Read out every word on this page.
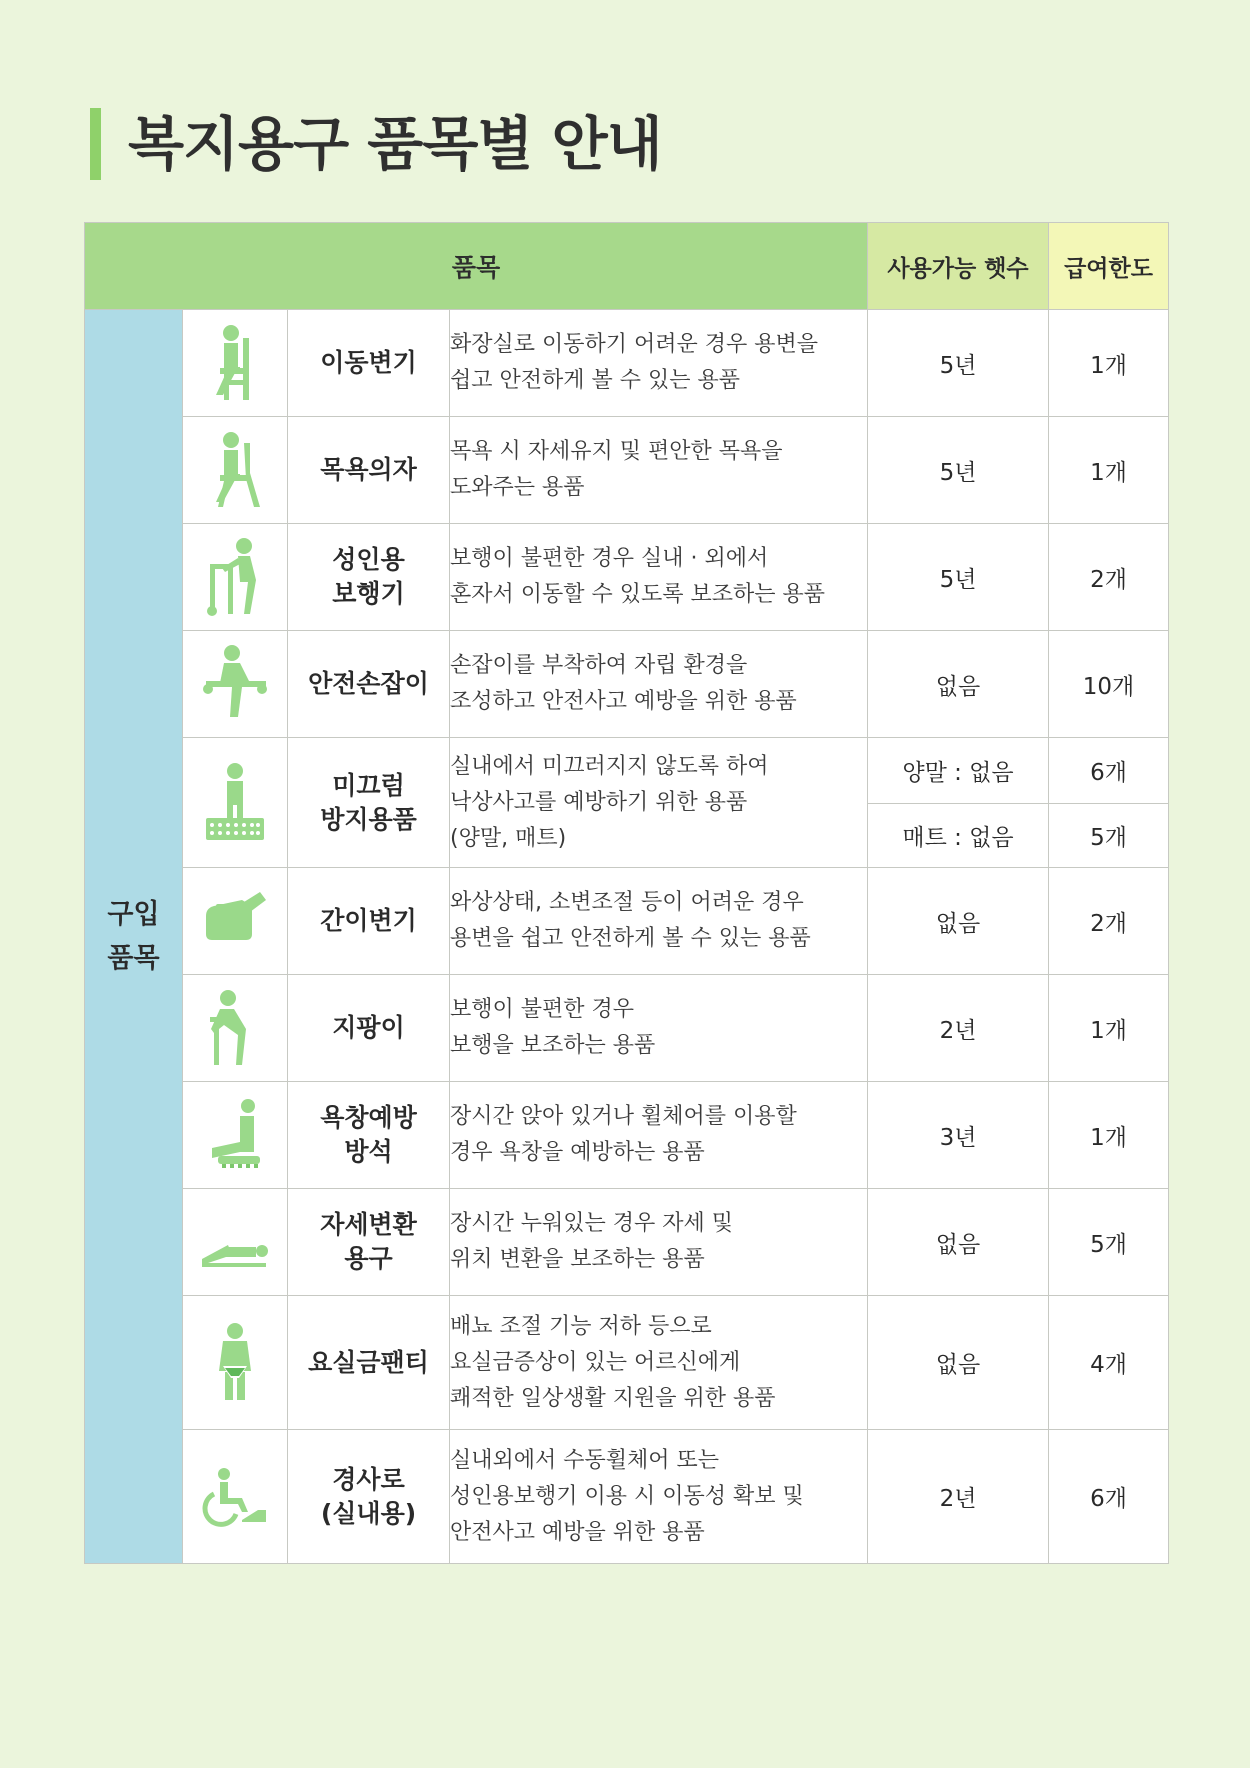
복지용구 품목별 안내
품목				사용가능 햇수	급여한도
구입
품목		이동변기	화장실로 이동하기 어려운 경우 용변을
쉽고 안전하게 볼 수 있는 용품	5년	1개

	목욕의자	목욕 시 자세유지 및 편안한 목욕을
도와주는 용품	5년	1개

	성인용
보행기	보행이 불편한 경우 실내 · 외에서
혼자서 이동할 수 있도록 보조하는 용품	5년	2개

	안전손잡이	손잡이를 부착하여 자립 환경을
조성하고 안전사고 예방을 위한 용품	없음	10개

	미끄럼
방지용품	실내에서 미끄러지지 않도록 하여
낙상사고를 예방하기 위한 용품
(양말, 매트)	양말 : 없음	6개
				매트 : 없음	5개

	간이변기	와상상태, 소변조절 등이 어려운 경우
용변을 쉽고 안전하게 볼 수 있는 용품	없음	2개

	지팡이	보행이 불편한 경우
보행을 보조하는 용품	2년	1개

	욕창예방
방석	장시간 앉아 있거나 휠체어를 이용할
경우 욕창을 예방하는 용품	3년	1개

	자세변환
용구	장시간 누워있는 경우 자세 및
위치 변환을 보조하는 용품	없음	5개

	요실금팬티	배뇨 조절 기능 저하 등으로
요실금증상이 있는 어르신에게
쾌적한 일상생활 지원을 위한 용품	없음	4개

	경사로
(실내용)	실내외에서 수동휠체어 또는
성인용보행기 이용 시 이동성 확보 및
안전사고 예방을 위한 용품	2년	6개
